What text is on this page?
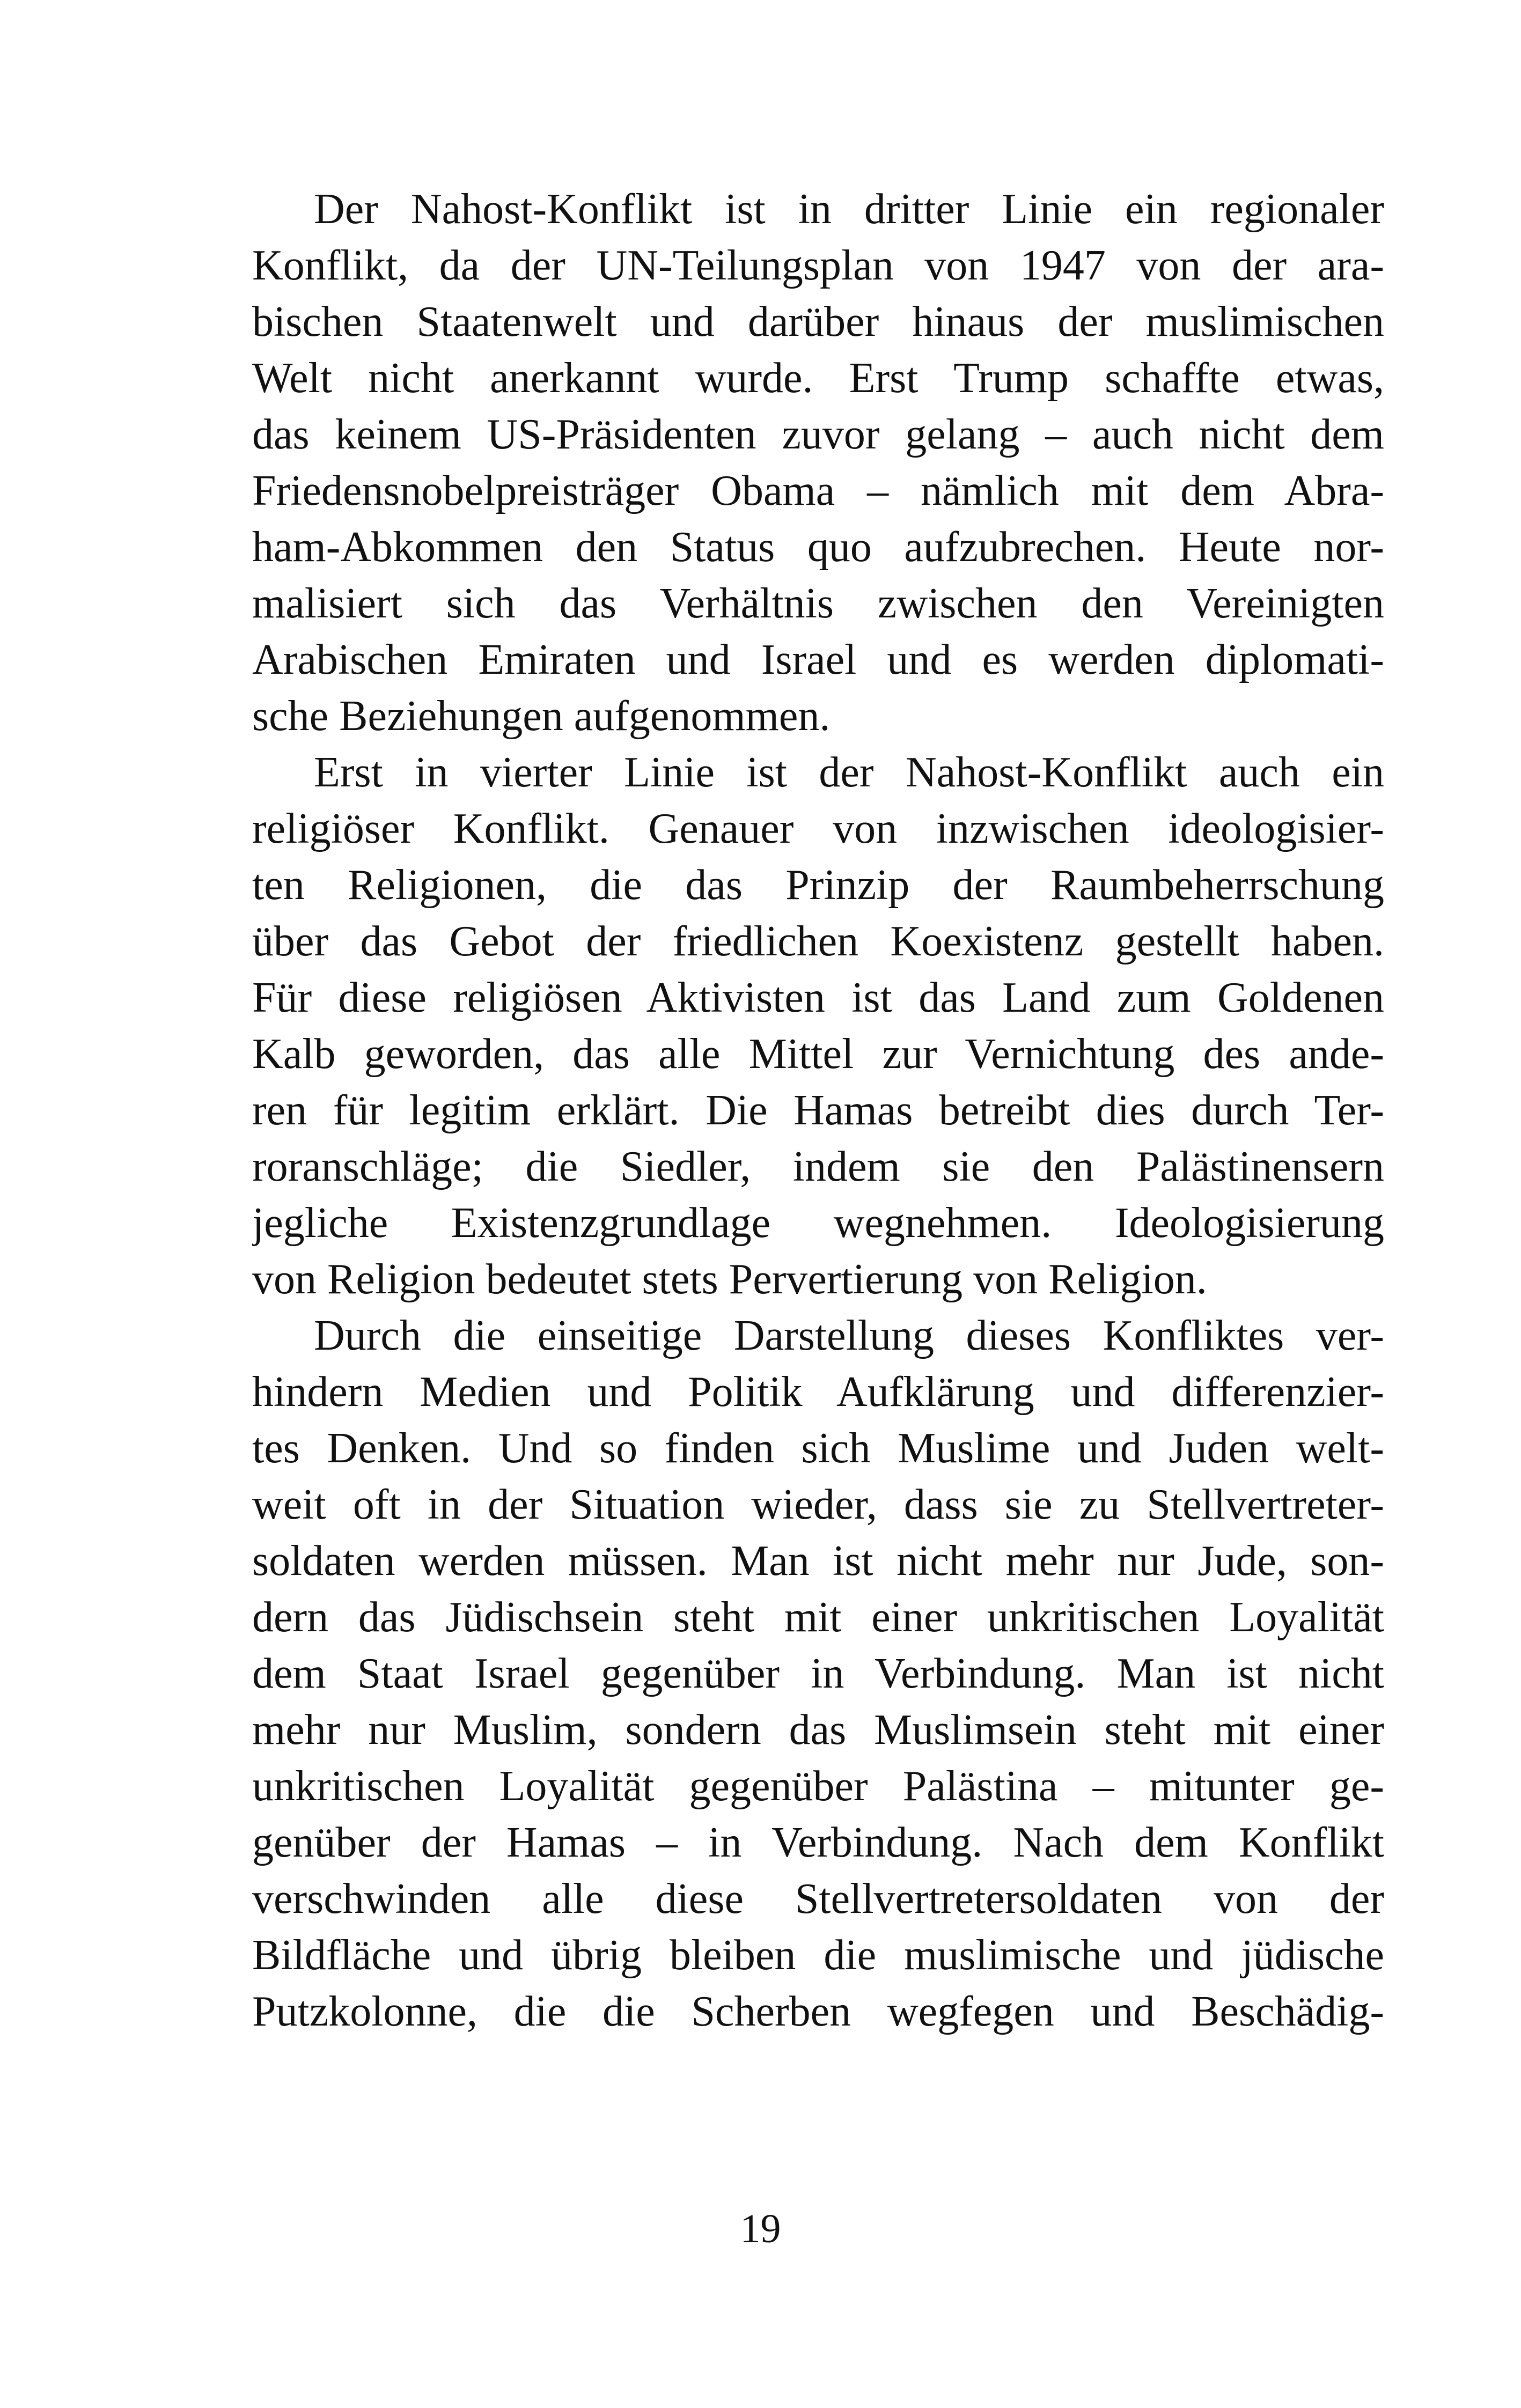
Der Nahost-Konflikt ist in dritter Linie ein regionaler
Konflikt, da der UN-Teilungsplan von 1947 von der ara-
bischen Staatenwelt und darüber hinaus der muslimischen
Welt nicht anerkannt wurde. Erst Trump schaffte etwas,
das keinem US-Präsidenten zuvor gelang – auch nicht dem
Friedensnobelpreisträger Obama – nämlich mit dem Abra-
ham-Abkommen den Status quo aufzubrechen. Heute nor-
malisiert sich das Verhältnis zwischen den Vereinigten
Arabischen Emiraten und Israel und es werden diplomati-
sche Beziehungen aufgenommen.
Erst in vierter Linie ist der Nahost-Konflikt auch ein
religiöser Konflikt. Genauer von inzwischen ideologisier-
ten Religionen, die das Prinzip der Raumbeherrschung
über das Gebot der friedlichen Koexistenz gestellt haben.
Für diese religiösen Aktivisten ist das Land zum Goldenen
Kalb geworden, das alle Mittel zur Vernichtung des ande-
ren für legitim erklärt. Die Hamas betreibt dies durch Ter-
roranschläge; die Siedler, indem sie den Palästinensern
jegliche Existenzgrundlage wegnehmen. Ideologisierung
von Religion bedeutet stets Pervertierung von Religion.
Durch die einseitige Darstellung dieses Konfliktes ver-
hindern Medien und Politik Aufklärung und differenzier-
tes Denken. Und so finden sich Muslime und Juden welt-
weit oft in der Situation wieder, dass sie zu Stellvertreter-
soldaten werden müssen. Man ist nicht mehr nur Jude, son-
dern das Jüdischsein steht mit einer unkritischen Loyalität
dem Staat Israel gegenüber in Verbindung. Man ist nicht
mehr nur Muslim, sondern das Muslimsein steht mit einer
unkritischen Loyalität gegenüber Palästina – mitunter ge-
genüber der Hamas – in Verbindung. Nach dem Konflikt
verschwinden alle diese Stellvertretersoldaten von der
Bildfläche und übrig bleiben die muslimische und jüdische
Putzkolonne, die die Scherben wegfegen und Beschädig-
19
